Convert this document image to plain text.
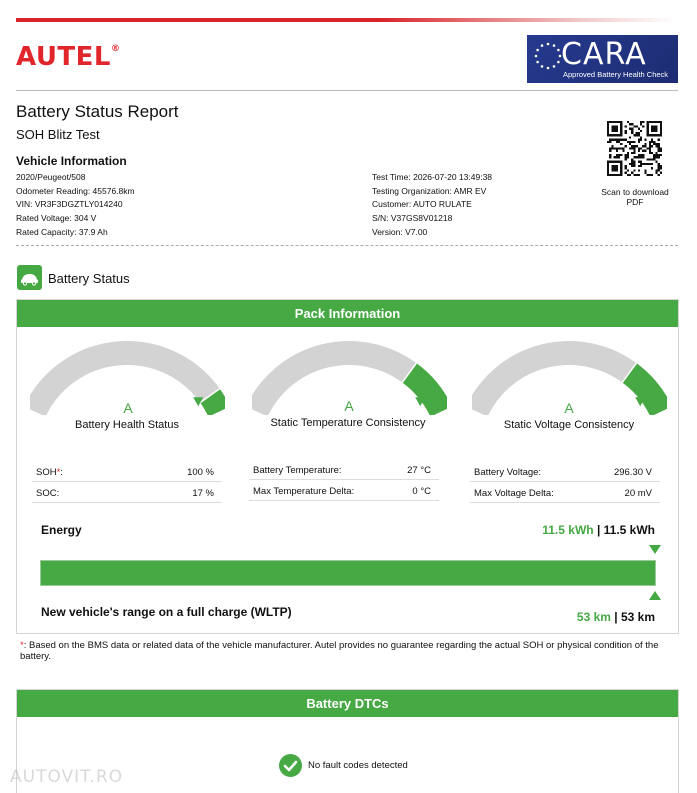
AUTEL®	CARA
Approved Battery Health Check
Battery Status Report
SOH Blitz Test
Vehicle Information
2020/Peugeot/508
Odometer Reading: 45576.8km
VIN: VR3F3DGZTLY014240
Rated Voltage: 304 V
Rated Capacity: 37.9 Ah
Test Time: 2026-07-20 13:49:38
Testing Organization: AMR EV
Customer: AUTO RULATE
S/N: V37GS8V01218
Version: V7.00
Scan to download
PDF
Battery Status
Pack Information
A	A	A
Battery Health Status	Static Temperature Consistency	Static Voltage Consistency
SOH*:	100 %
SOC:	17 %
Battery Temperature:	27 °C
Max Temperature Delta:	0 °C
Battery Voltage:	296.30 V
Max Voltage Delta:	20 mV
Energy	11.5 kWh | 11.5 kWh
New vehicle's range on a full charge (WLTP)	53 km | 53 km
*: Based on the BMS data or related data of the vehicle manufacturer. Autel provides no guarantee regarding the actual SOH or physical condition of the battery.
Battery DTCs
No fault codes detected
AUTOVIT.RO
